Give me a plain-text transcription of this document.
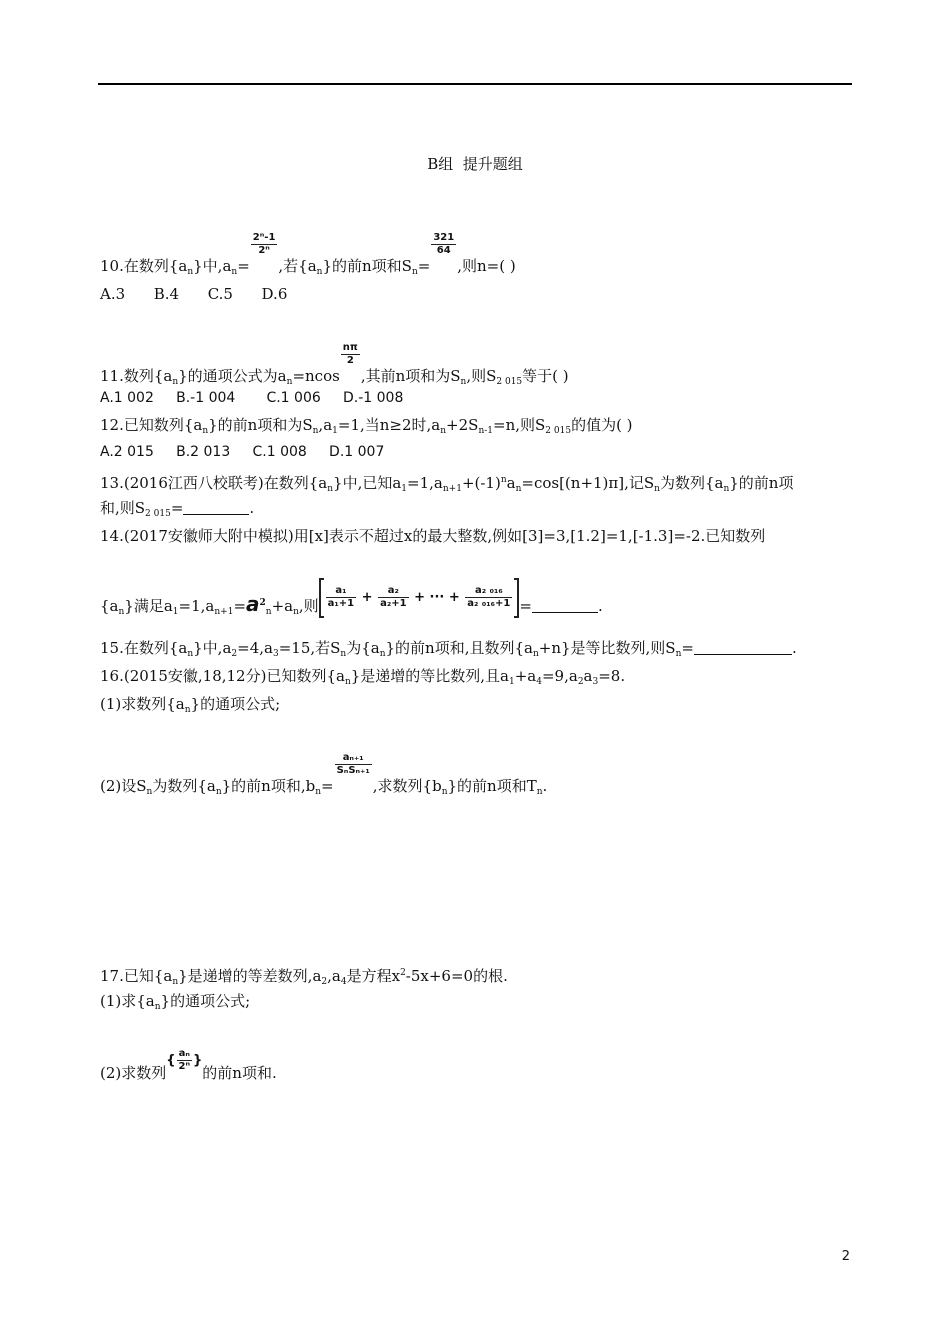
B组  提升题组
10.在数列$\{a_n\}$中$,a_n=$
$\frac{\text{2ⁿ-1}}{\text{2ⁿ}}$
,若$\{a_n\}$的前n项和$S_n=$
$\frac{321}{64}$
,则n=( )
A.3      B.4      C.5      D.6
11.数列$\{a_n\}$的通项公式为$a_n=ncos$
$\frac{n\pi}{2}$
,其前n项和为$S_n$,则$S_{2 015}$等于( )
A.1 002     B.-1 004       C.1 006     D.-1 008
12.已知数列$\{a_n\}$的前n项和为$S_n,a_1=1$,当n≥2时$,a_n+2S_{n-1}=n$,则$S_{2 015}$的值为( )
A.2 015     B.2 013     C.1 008     D.1 007
13.(2016江西八校联考)在数列$\{a_n\}$中,已知$a_1=1,a_{n+1}+(-1)^na_n=\cos[(n+1)\pi]$,记$S_n$为数列$\{a_n\}$的前n项
和,则$S_{2 015}=$	.
14.(2017安徽师大附中模拟)用[x]表示不超过x的最大整数,例如[3]=3,[1.2]=1,[-1.3]=-2.已知数列
$\{a_n\}$满足$a_1=1,a_{n+1}=a^2_n+a_n$,则 $\frac{\text{a₁}}{\text{a₁+1}} + \frac{\text{a₂}}{\text{a₂+1}}$ + ··· + $\frac{\text{a₂ ₀₁₆}}{\text{a₂ ₀₁₆+1}}$ =	.
15.在数列$\{a_n\}$中$,a_2=4,a_3=15$,若$S_n$为$\{a_n\}$的前n项和,且数列$\{a_n+n\}$是等比数列,则$S_n=$	.
16.(2015安徽,18,12分)已知数列$\{a_n\}$是递增的等比数列,且$a_1+a_4=9,a_2a_3=8$.
(1)求数列$\{a_n\}$的通项公式;
(2)设$S_n$为数列$\{a_n\}$的前n项和$,b_n=$
$\frac{\text{aₙ₊₁}}{\text{SₙSₙ₊₁}}$
,求数列$\{b_n\}$的前n项和$T_n$.
17.已知$\{a_n\}$是递增的等差数列$,a_2,a_4$是方程$x^2-5x+6=0$的根.
(1)求$\{a_n\}$的通项公式;
(2)求数列{ $\frac{\text{aₙ}}{\text{2ⁿ}}$ }的前n项和.
2
